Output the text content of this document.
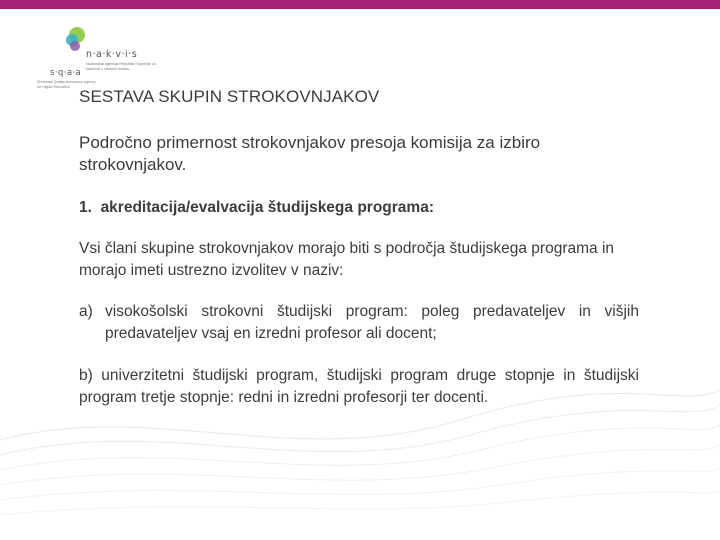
n·a·k·v·i·s
Nacionalna agencija Republike Slovenije za kakovost v visokem šolstvu
s·q·a·a
Slovenian Quality Assurance Agency for Higher Education
SESTAVA SKUPIN STROKOVNJAKOV

Področno primernost strokovnjakov presoja komisija za izbiro strokovnjakov.

1. akreditacija/evalvacija študijskega programa:

Vsi člani skupine strokovnjakov morajo biti s področja študijskega programa in morajo imeti ustrezno izvolitev v naziv:

a) visokošolski strokovni študijski program: poleg predavateljev in višjih predavateljev vsaj en izredni profesor ali docent;

b) univerzitetni študijski program, študijski program druge stopnje in študijski program tretje stopnje: redni in izredni profesorji ter docenti.
